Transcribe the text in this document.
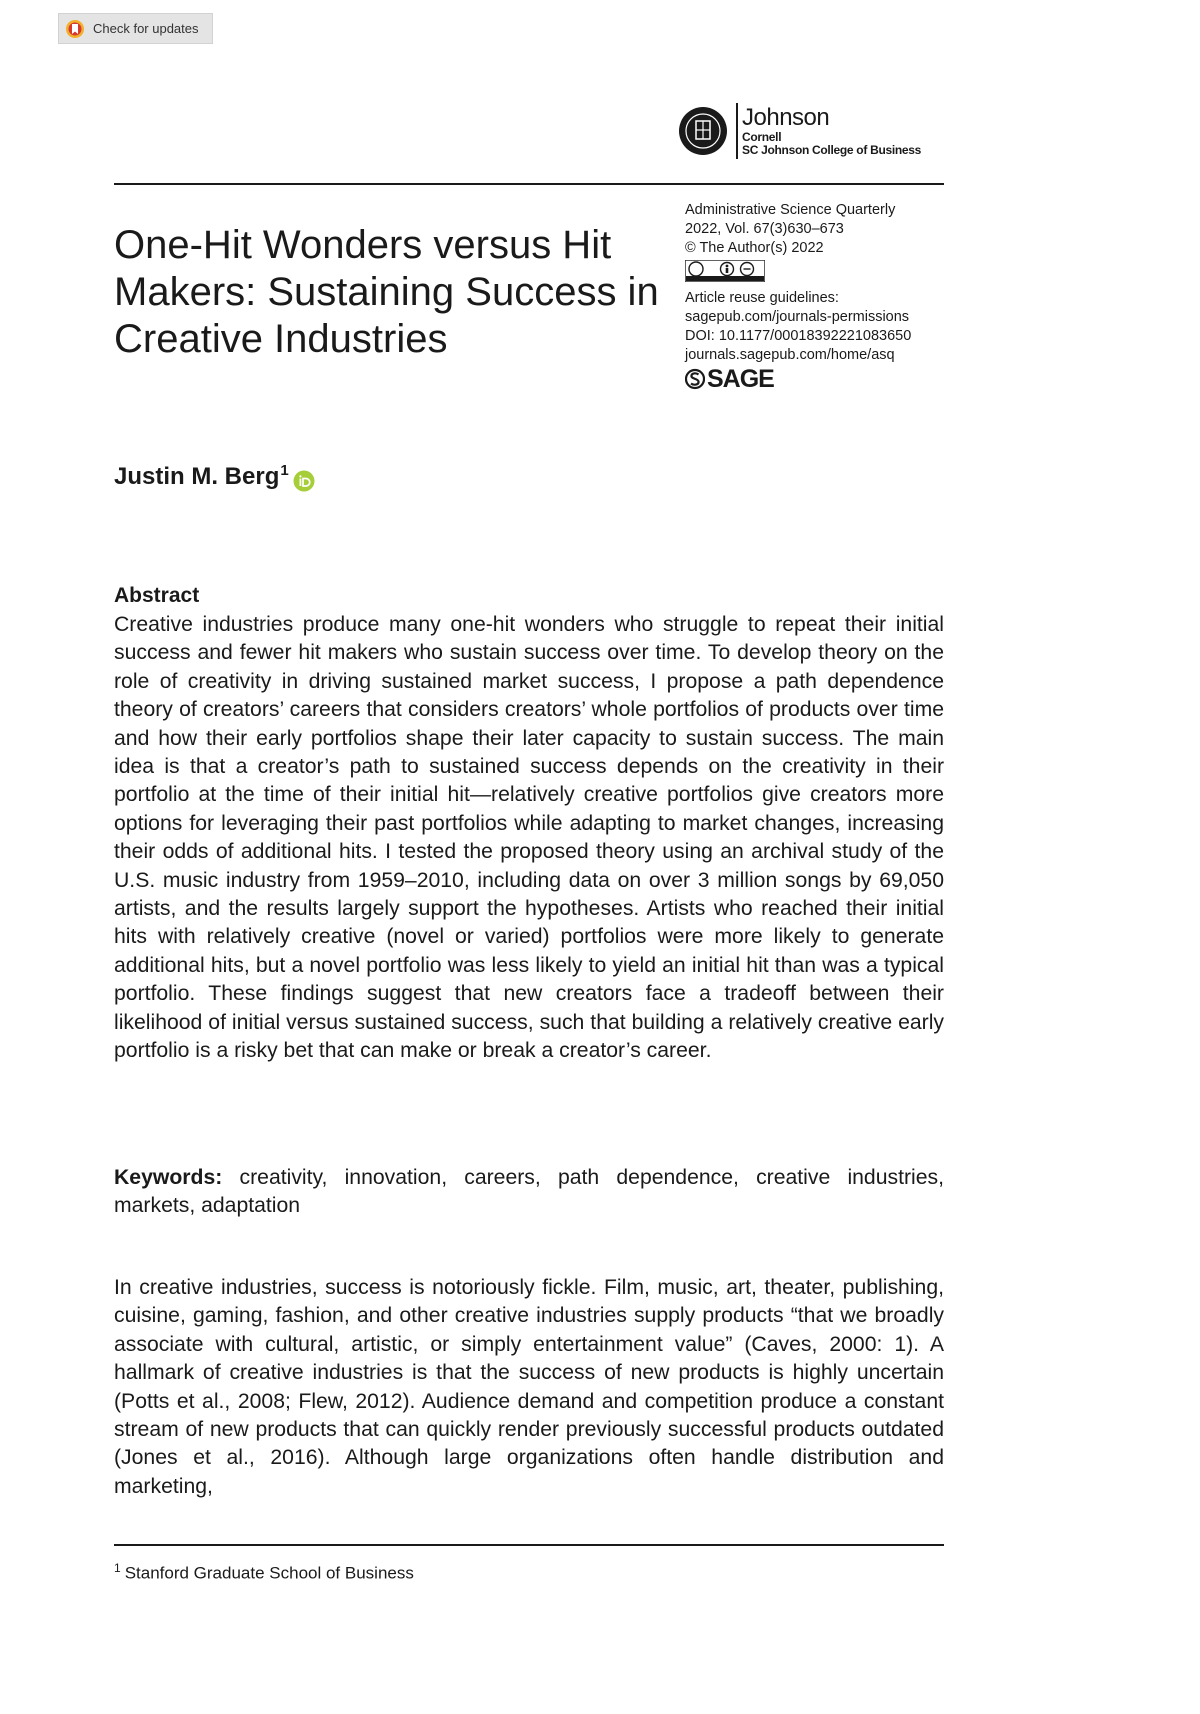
Check for updates
Johnson
Cornell
SC Johnson College of Business
One-Hit Wonders versus Hit Makers: Sustaining Success in Creative Industries
Administrative Science Quarterly
2022, Vol. 67(3)630–673
© The Author(s) 2022
Article reuse guidelines:
sagepub.com/journals-permissions
DOI: 10.1177/00018392221083650
journals.sagepub.com/home/asq
SAGE
Justin M. Berg$^1$
Abstract

Creative industries produce many one-hit wonders who struggle to repeat their initial success and fewer hit makers who sustain success over time. To develop theory on the role of creativity in driving sustained market success, I propose a path dependence theory of creators’ careers that considers creators’ whole portfolios of products over time and how their early portfolios shape their later capacity to sustain success. The main idea is that a creator’s path to sustained success depends on the creativity in their portfolio at the time of their initial hit—relatively creative portfolios give creators more options for leveraging their past portfolios while adapting to market changes, increasing their odds of additional hits. I tested the proposed theory using an archival study of the U.S. music industry from 1959–2010, including data on over 3 million songs by 69,050 artists, and the results largely support the hypotheses. Artists who reached their initial hits with relatively creative (novel or varied) portfolios were more likely to generate additional hits, but a novel portfolio was less likely to yield an initial hit than was a typical portfolio. These findings suggest that new creators face a tradeoff between their likelihood of initial versus sustained success, such that building a relatively creative early portfolio is a risky bet that can make or break a creator’s career.

Keywords: creativity, innovation, careers, path dependence, creative industries, markets, adaptation

In creative industries, success is notoriously fickle. Film, music, art, theater, publishing, cuisine, gaming, fashion, and other creative industries supply products “that we broadly associate with cultural, artistic, or simply entertainment value” (Caves, 2000: 1). A hallmark of creative industries is that the success of new products is highly uncertain (Potts et al., 2008; Flew, 2012). Audience demand and competition produce a constant stream of new products that can quickly render previously successful products outdated (Jones et al., 2016). Although large organizations often handle distribution and marketing,

$^1$ Stanford Graduate School of Business
